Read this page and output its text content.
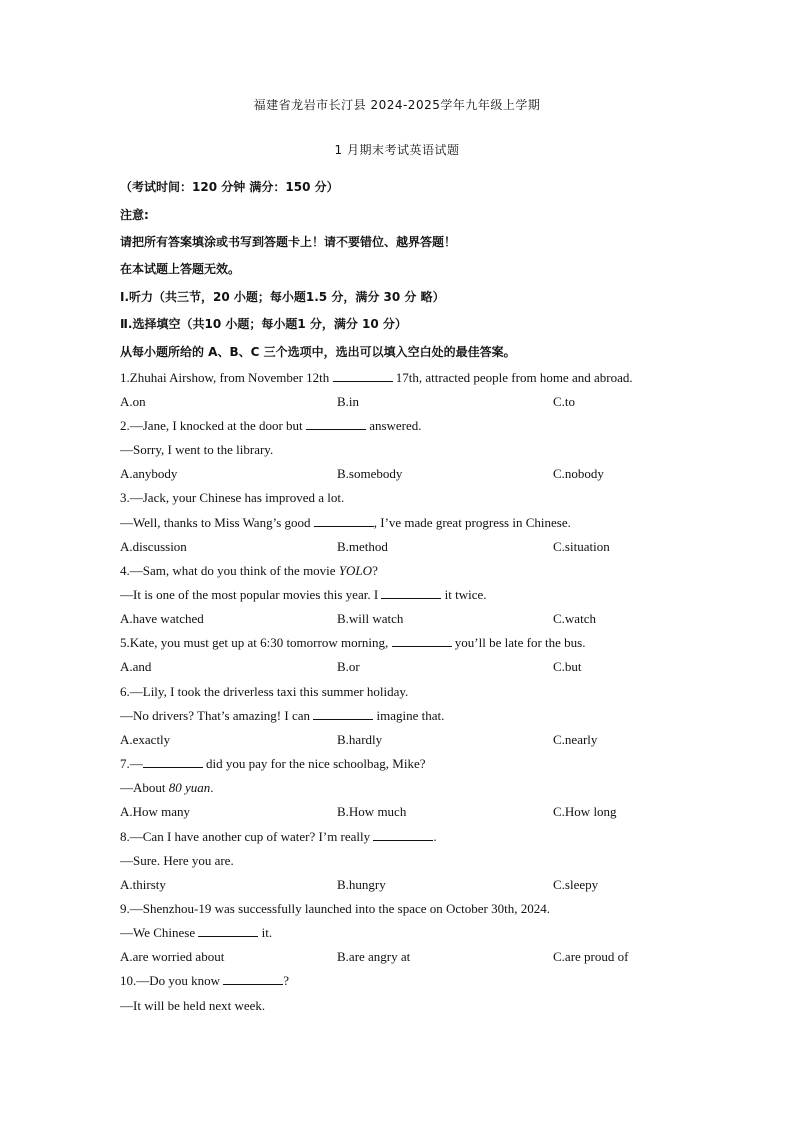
福建省龙岩市长汀县 2024-2025学年九年级上学期
1 月期末考试英语试题
（考试时间：120 分钟 满分：150 分）
注意:
请把所有答案填涂或书写到答题卡上！请不要错位、越界答题！
在本试题上答题无效。
Ⅰ.听力（共三节，20 小题；每小题1.5 分，满分 30 分 略）
Ⅱ.选择填空（共10 小题；每小题1 分，满分 10 分）
从每小题所给的 A、B、C 三个选项中，选出可以填入空白处的最佳答案。
1.Zhuhai Airshow, from November 12th	17th, attracted people from home and abroad.
A.on	B.in	C.to
2.—Jane, I knocked at the door but	answered.
—Sorry, I went to the library.
A.anybody	B.somebody	C.nobody
3.—Jack, your Chinese has improved a lot.
—Well, thanks to Miss Wang’s good	, I’ve made great progress in Chinese.
A.discussion	B.method	C.situation
4.—Sam, what do you think of the movie YOLO?
—It is one of the most popular movies this year. I	it twice.
A.have watched	B.will watch	C.watch
5.Kate, you must get up at 6:30 tomorrow morning,	you’ll be late for the bus.
A.and	B.or	C.but
6.—Lily, I took the driverless taxi this summer holiday.
—No drivers? That’s amazing! I can	imagine that.
A.exactly	B.hardly	C.nearly
7.—	did you pay for the nice schoolbag, Mike?
—About 80 yuan.
A.How many	B.How much	C.How long
8.—Can I have another cup of water? I’m really	.
—Sure. Here you are.
A.thirsty	B.hungry	C.sleepy
9.—Shenzhou-19 was successfully launched into the space on October 30th, 2024.
—We Chinese	it.
A.are worried about	B.are angry at	C.are proud of
10.—Do you know	?
—It will be held next week.
